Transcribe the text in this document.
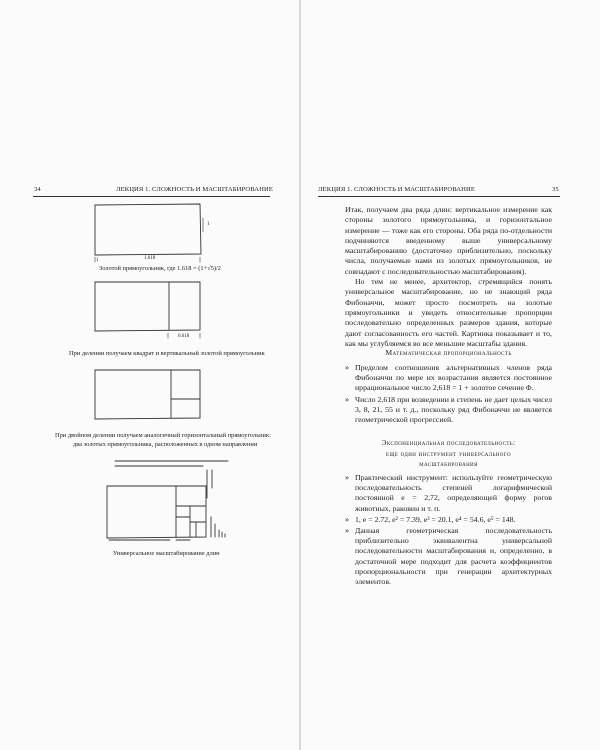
34	ЛЕКЦИЯ 1. СЛОЖНОСТЬ И МАСШТАБИРОВАНИЕ
1
1.618
0.618
1
Золотой прямоугольник, где 1.618 = (1+√5)/2
При делении получаем квадрат и вертикальный золотой прямоугольник
При двойном делении получаем аналогичный горизонтальный прямоугольник:
два золотых прямоугольника, расположенных в одном направлении
Универсальное масштабирование длин
ЛЕКЦИЯ 1. СЛОЖНОСТЬ И МАСШТАБИРОВАНИЕ	35

Итак, получаем два ряда длин: вертикальное измерение как стороны золотого прямоугольника, и горизонтальное измерение — тоже как его стороны. Оба ряда по-отдельности подчиняются введенному выше универсальному масштабированию (достаточно приблизительно, поскольку числа, получаемые нами из золотых прямоугольников, не совпадают с последовательностью масштабирования).

Но тем не менее, архитектор, стремящийся понять универсальное масштабирование, но не знающий ряда Фибоначчи, может просто посмотреть на золотые прямоугольники и увидеть относительные пропорции последовательно определенных размеров здания, которые дают согласованность его частей. Картинка показывает и то, как мы углубляемся во все меньшие масштабы здания.

Математическая пропорциональность
» Пределом соотношения альтернативных членов ряда Фибоначчи по мере их возрастания является постоянное иррациональное число 2,618 = 1 + золотое сечение Φ.
» Число 2,618 при возведении в степень не дает целых чисел 3, 8, 21, 55 и т. д., поскольку ряд Фибоначчи не является геометрической прогрессией.
Экспоненциальная последовательность:
еще один инструмент универсального
масштабирования
» Практический инструмент: используйте геометрическую последовательность степеней логарифмической постоянной e = 2,72, определяющей форму рогов животных, раковин и т. п.
» 1, e = 2.72, e² = 7.39, e³ = 20.1, e⁴ = 54.6, e⁵ = 148.
» Данная геометрическая последовательность приблизительно эквивалентна универсальной последовательности масштабирования и, определенно, в достаточной мере подходит для расчета коэффициентов пропорциональности при генерации архитектурных элементов.
